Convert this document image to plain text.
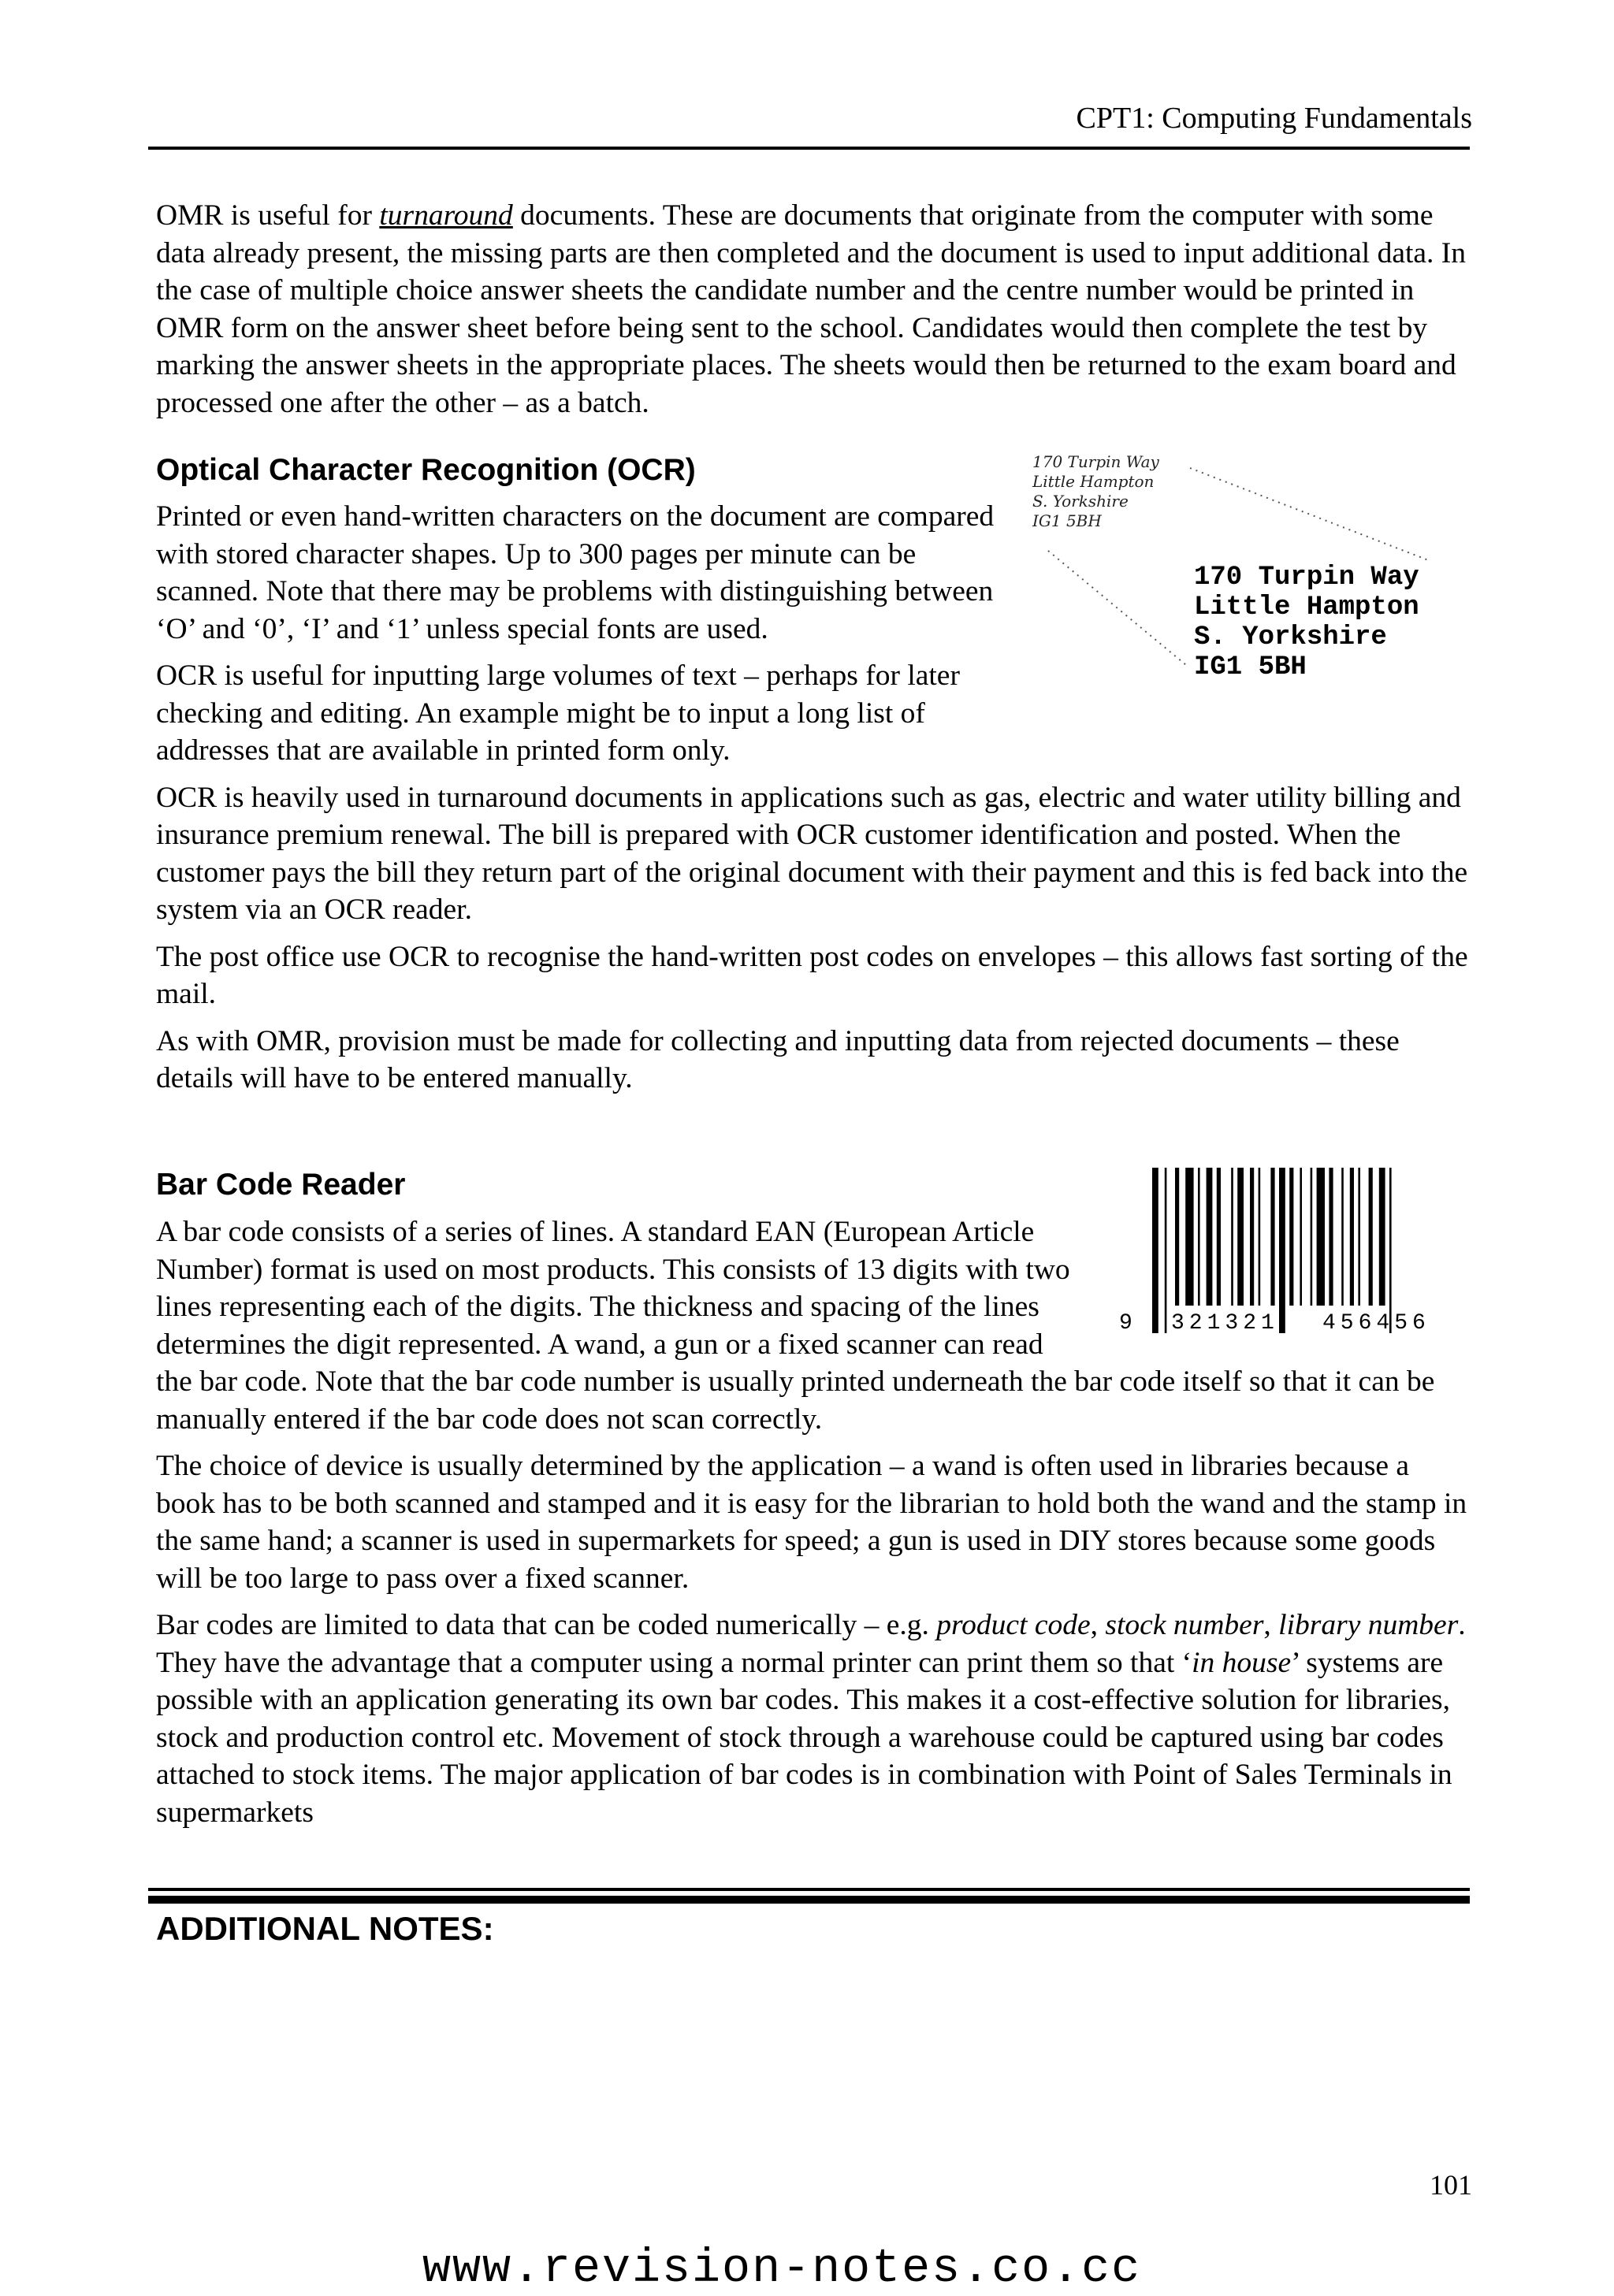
CPT1: Computing Fundamentals

OMR is useful for turnaround documents. These are documents that originate from the computer with some data already present, the missing parts are then completed and the document is used to input additional data. In the case of multiple choice answer sheets the candidate number and the centre number would be printed in OMR form on the answer sheet before being sent to the school. Candidates would then complete the test by marking the answer sheets in the appropriate places. The sheets would then be returned to the exam board and processed one after the other – as a batch.

Optical Character Recognition (OCR)

Printed or even hand-written characters on the document are compared with stored character shapes. Up to 300 pages per minute can be scanned. Note that there may be problems with distinguishing between ‘O’ and ‘0’, ‘I’ and ‘1’ unless special fonts are used.

OCR is useful for inputting large volumes of text – perhaps for later checking and editing. An example might be to input a long list of addresses that are available in printed form only.

OCR is heavily used in turnaround documents in applications such as gas, electric and water utility billing and insurance premium renewal. The bill is prepared with OCR customer identification and posted. When the customer pays the bill they return part of the original document with their payment and this is fed back into the system via an OCR reader.

The post office use OCR to recognise the hand-written post codes on envelopes – this allows fast sorting of the mail.

As with OMR, provision must be made for collecting and inputting data from rejected documents – these details will have to be entered manually.

170 Turpin Way
Little Hampton
S. Yorkshire
IG1 5BH
170 Turpin Way
Little Hampton
S. Yorkshire
IG1 5BH
Bar Code Reader

A bar code consists of a series of lines. A standard EAN (European Article Number) format is used on most products. This consists of 13 digits with two lines representing each of the digits. The thickness and spacing of the lines determines the digit represented. A wand, a gun or a fixed scanner can read the bar code. Note that the bar code number is usually printed underneath the bar code itself so that it can be manually entered if the bar code does not scan correctly.

The choice of device is usually determined by the application – a wand is often used in libraries because a book has to be both scanned and stamped and it is easy for the librarian to hold both the wand and the stamp in the same hand; a scanner is used in supermarkets for speed; a gun is used in DIY stores because some goods will be too large to pass over a fixed scanner.

Bar codes are limited to data that can be coded numerically – e.g. product code, stock number, library number. They have the advantage that a computer using a normal printer can print them so that ‘in house’ systems are possible with an application generating its own bar codes. This makes it a cost-effective solution for libraries, stock and production control etc. Movement of stock through a warehouse could be captured using bar codes attached to stock items. The major application of bar codes is in combination with Point of Sales Terminals in supermarkets

9 321321 456456
ADDITIONAL NOTES:
101
www.revision-notes.co.cc
